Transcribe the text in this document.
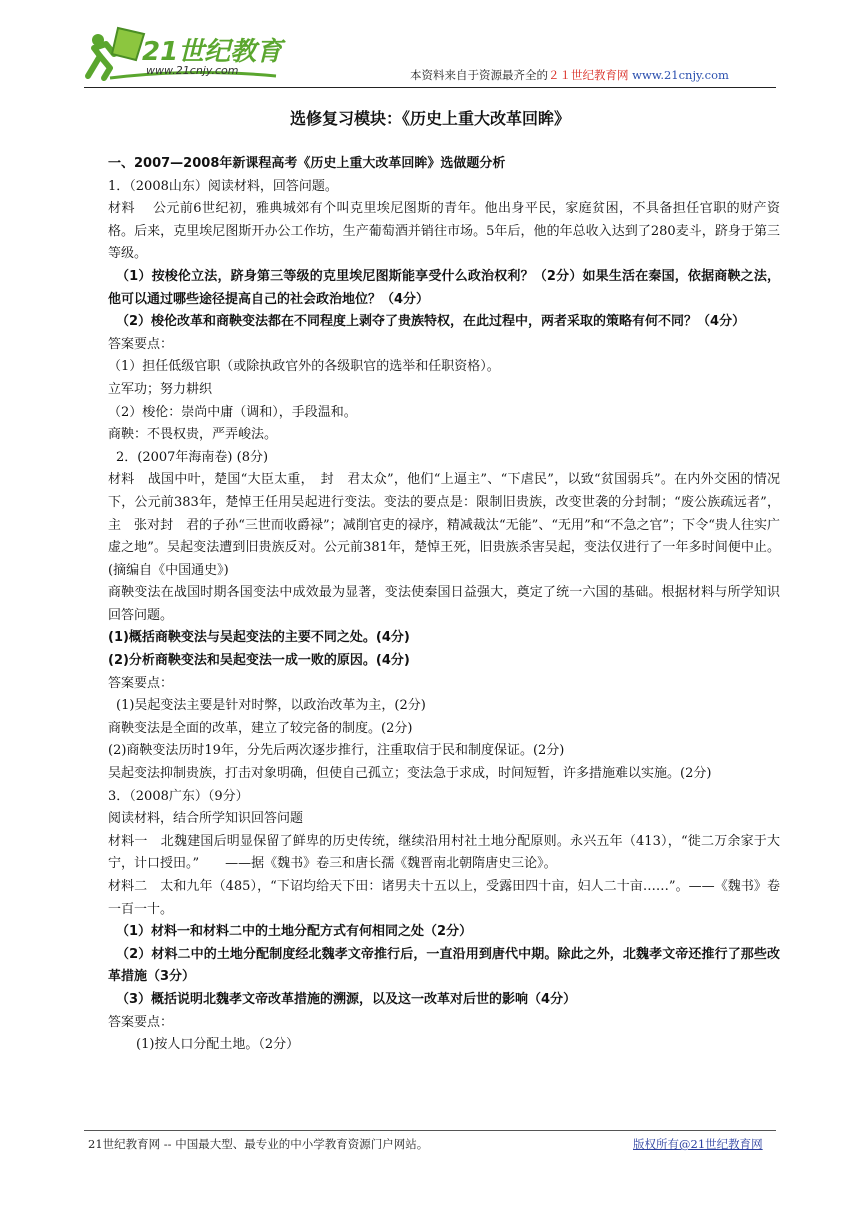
21世纪教育
www.21cnjy.com	本资料来自于资源最齐全的２１世纪教育网 www.21cnjy.com
选修复习模块：《历史上重大改革回眸》

一、2007—2008年新课程高考《历史上重大改革回眸》选做题分析

1．（2008山东）阅读材料，回答问题。

材料　 公元前6世纪初，雅典城郊有个叫克里埃尼图斯的青年。他出身平民，家庭贫困，不具备担任官职的财产资格。后来，克里埃尼图斯开办公工作坊，生产葡萄酒并销往市场。5年后，他的年总收入达到了280麦斗，跻身于第三等级。

（1）按梭伦立法，跻身第三等级的克里埃尼图斯能享受什么政治权利？（2分）如果生活在秦国，依据商鞅之法，他可以通过哪些途径提高自己的社会政治地位？（4分）

（2）梭伦改革和商鞅变法都在不同程度上剥夺了贵族特权，在此过程中，两者采取的策略有何不同？（4分）

答案要点：

（1）担任低级官职（或除执政官外的各级职官的选举和任职资格）。

立军功；努力耕织

（2）梭伦：崇尚中庸（调和），手段温和。

商鞅：不畏权贵，严弄峻法。

2．(2007年海南卷) (8分)

材料　战国中叶，楚国“大臣太重，　封　君太众”，他们“上逼主”、“下虐民”，以致“贫国弱兵”。在内外交困的情况下，公元前383年，楚悼王任用吴起进行变法。变法的要点是：限制旧贵族，改变世袭的分封制；“废公族疏远者”，主　张对封　君的子孙“三世而收爵禄”；减削官吏的禄序，精减裁汰“无能”、“无用”和“不急之官”；下令“贵人往实广虚之地”。吴起变法遭到旧贵族反对。公元前381年，楚悼王死，旧贵族杀害吴起，变法仅进行了一年多时间便中止。(摘编自《中国通史》)

商鞅变法在战国时期各国变法中成效最为显著，变法使秦国日益强大，奠定了统一六国的基础。根据材料与所学知识回答问题。

(1)概括商鞅变法与吴起变法的主要不同之处。(4分)

(2)分析商鞅变法和吴起变法一成一败的原因。(4分)

答案要点：

(1)吴起变法主要是针对时弊，以政治改革为主，(2分)

商鞅变法是全面的改革，建立了较完备的制度。(2分)

(2)商鞅变法历时19年，分先后两次逐步推行，注重取信于民和制度保证。(2分)

吴起变法抑制贵族，打击对象明确，但使自己孤立；变法急于求成，时间短暂，许多措施难以实施。(2分)

3．（2008广东）（9分）

阅读材料，结合所学知识回答问题

材料一　北魏建国后明显保留了鲜卑的历史传统，继续沿用村社土地分配原则。永兴五年（413），“徙二万余家于大宁，计口授田。”　　——据《魏书》卷三和唐长孺《魏晋南北朝隋唐史三论》。

材料二　太和九年（485），“下诏均给天下田：诸男夫十五以上，受露田四十亩，妇人二十亩……”。——《魏书》卷一百一十。

（1）材料一和材料二中的土地分配方式有何相同之处（2分）

（2）材料二中的土地分配制度经北魏孝文帝推行后，一直沿用到唐代中期。除此之外，北魏孝文帝还推行了那些改革措施（3分）

（3）概括说明北魏孝文帝改革措施的溯源，以及这一改革对后世的影响（4分）

答案要点：

(1)按人口分配土地。（2分）

21世纪教育网 -- 中国最大型、最专业的中小学教育资源门户网站。	版权所有@21世纪教育网
